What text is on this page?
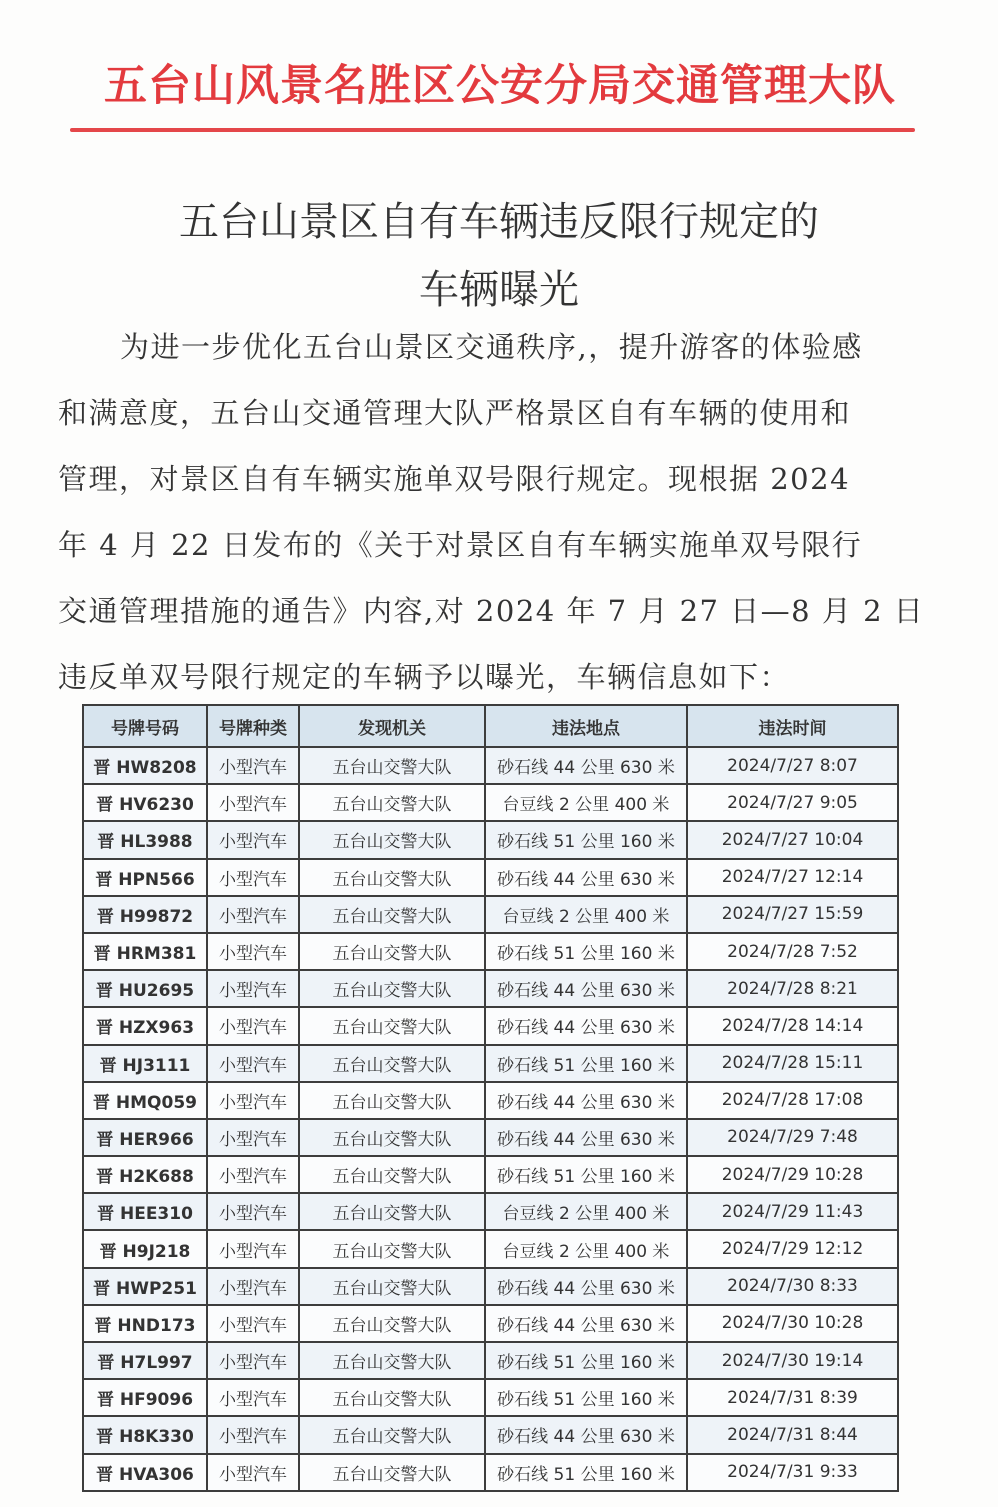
五台山风景名胜区公安分局交通管理大队
五台山景区自有车辆违反限行规定的
车辆曝光
为进一步优化五台山景区交通秩序,，提升游客的体验感
和满意度，五台山交通管理大队严格景区自有车辆的使用和
管理，对景区自有车辆实施单双号限行规定。现根据 2024
年 4 月 22 日发布的《关于对景区自有车辆实施单双号限行
交通管理措施的通告》内容,对 2024 年 7 月 27 日—8 月 2 日
违反单双号限行规定的车辆予以曝光，车辆信息如下：
号牌号码	号牌种类	发现机关	违法地点	违法时间
晋 HW8208	小型汽车	五台山交警大队	砂石线 44 公里 630 米	2024/7/27 8:07
晋 HV6230	小型汽车	五台山交警大队	台豆线 2 公里 400 米	2024/7/27 9:05
晋 HL3988	小型汽车	五台山交警大队	砂石线 51 公里 160 米	2024/7/27 10:04
晋 HPN566	小型汽车	五台山交警大队	砂石线 44 公里 630 米	2024/7/27 12:14
晋 H99872	小型汽车	五台山交警大队	台豆线 2 公里 400 米	2024/7/27 15:59
晋 HRM381	小型汽车	五台山交警大队	砂石线 51 公里 160 米	2024/7/28 7:52
晋 HU2695	小型汽车	五台山交警大队	砂石线 44 公里 630 米	2024/7/28 8:21
晋 HZX963	小型汽车	五台山交警大队	砂石线 44 公里 630 米	2024/7/28 14:14
晋 HJ3111	小型汽车	五台山交警大队	砂石线 51 公里 160 米	2024/7/28 15:11
晋 HMQ059	小型汽车	五台山交警大队	砂石线 44 公里 630 米	2024/7/28 17:08
晋 HER966	小型汽车	五台山交警大队	砂石线 44 公里 630 米	2024/7/29 7:48
晋 H2K688	小型汽车	五台山交警大队	砂石线 51 公里 160 米	2024/7/29 10:28
晋 HEE310	小型汽车	五台山交警大队	台豆线 2 公里 400 米	2024/7/29 11:43
晋 H9J218	小型汽车	五台山交警大队	台豆线 2 公里 400 米	2024/7/29 12:12
晋 HWP251	小型汽车	五台山交警大队	砂石线 44 公里 630 米	2024/7/30 8:33
晋 HND173	小型汽车	五台山交警大队	砂石线 44 公里 630 米	2024/7/30 10:28
晋 H7L997	小型汽车	五台山交警大队	砂石线 51 公里 160 米	2024/7/30 19:14
晋 HF9096	小型汽车	五台山交警大队	砂石线 51 公里 160 米	2024/7/31 8:39
晋 H8K330	小型汽车	五台山交警大队	砂石线 44 公里 630 米	2024/7/31 8:44
晋 HVA306	小型汽车	五台山交警大队	砂石线 51 公里 160 米	2024/7/31 9:33
